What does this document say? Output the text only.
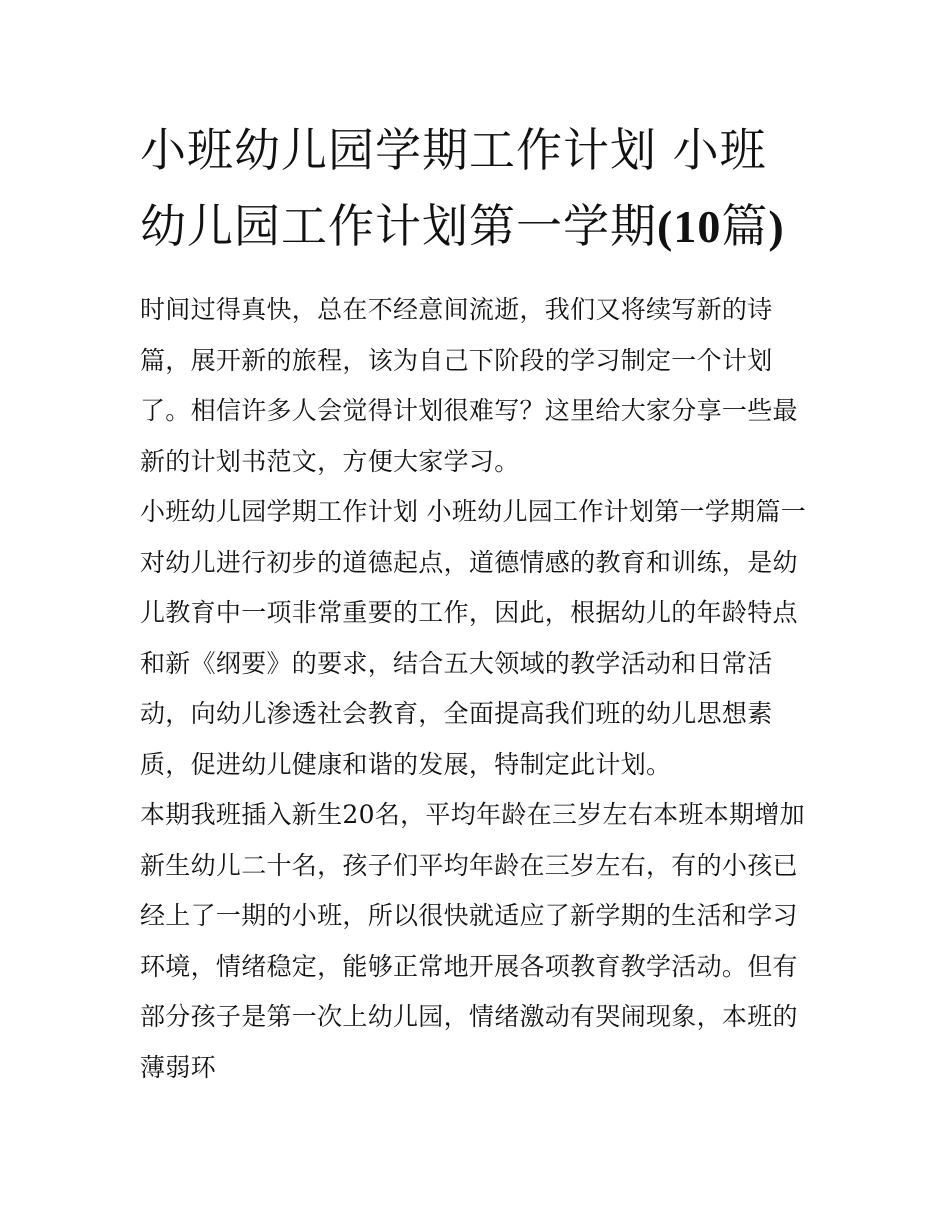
小班幼儿园学期工作计划 小班幼儿园工作计划第一学期(10篇)

时间过得真快，总在不经意间流逝，我们又将续写新的诗篇，展开新的旅程，该为自己下阶段的学习制定一个计划了。相信许多人会觉得计划很难写？这里给大家分享一些最新的计划书范文，方便大家学习。

小班幼儿园学期工作计划 小班幼儿园工作计划第一学期篇一

对幼儿进行初步的道德起点，道德情感的教育和训练，是幼儿教育中一项非常重要的工作，因此，根据幼儿的年龄特点和新《纲要》的要求，结合五大领域的教学活动和日常活动，向幼儿渗透社会教育，全面提高我们班的幼儿思想素质，促进幼儿健康和谐的发展，特制定此计划。

本期我班插入新生20名，平均年龄在三岁左右本班本期增加新生幼儿二十名，孩子们平均年龄在三岁左右，有的小孩已经上了一期的小班，所以很快就适应了新学期的生活和学习环境，情绪稳定，能够正常地开展各项教育教学活动。但有部分孩子是第一次上幼儿园，情绪激动有哭闹现象，本班的薄弱环
